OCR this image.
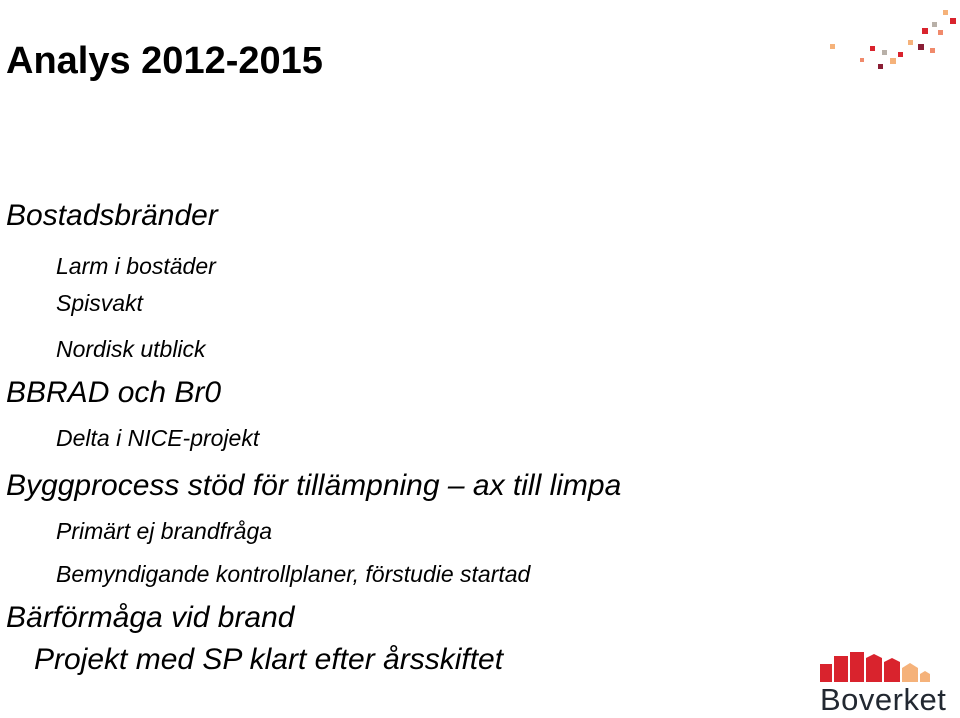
Analys 2012-2015
Bostadsbränder
Larm i bostäder
Spisvakt
Nordisk utblick
BBRAD och Br0
Delta i NICE-projekt
Byggprocess stöd för tillämpning – ax till limpa
Primärt ej brandfråga
Bemyndigande kontrollplaner, förstudie startad
Bärförmåga vid brand
Projekt med SP klart efter årsskiftet
Boverket
